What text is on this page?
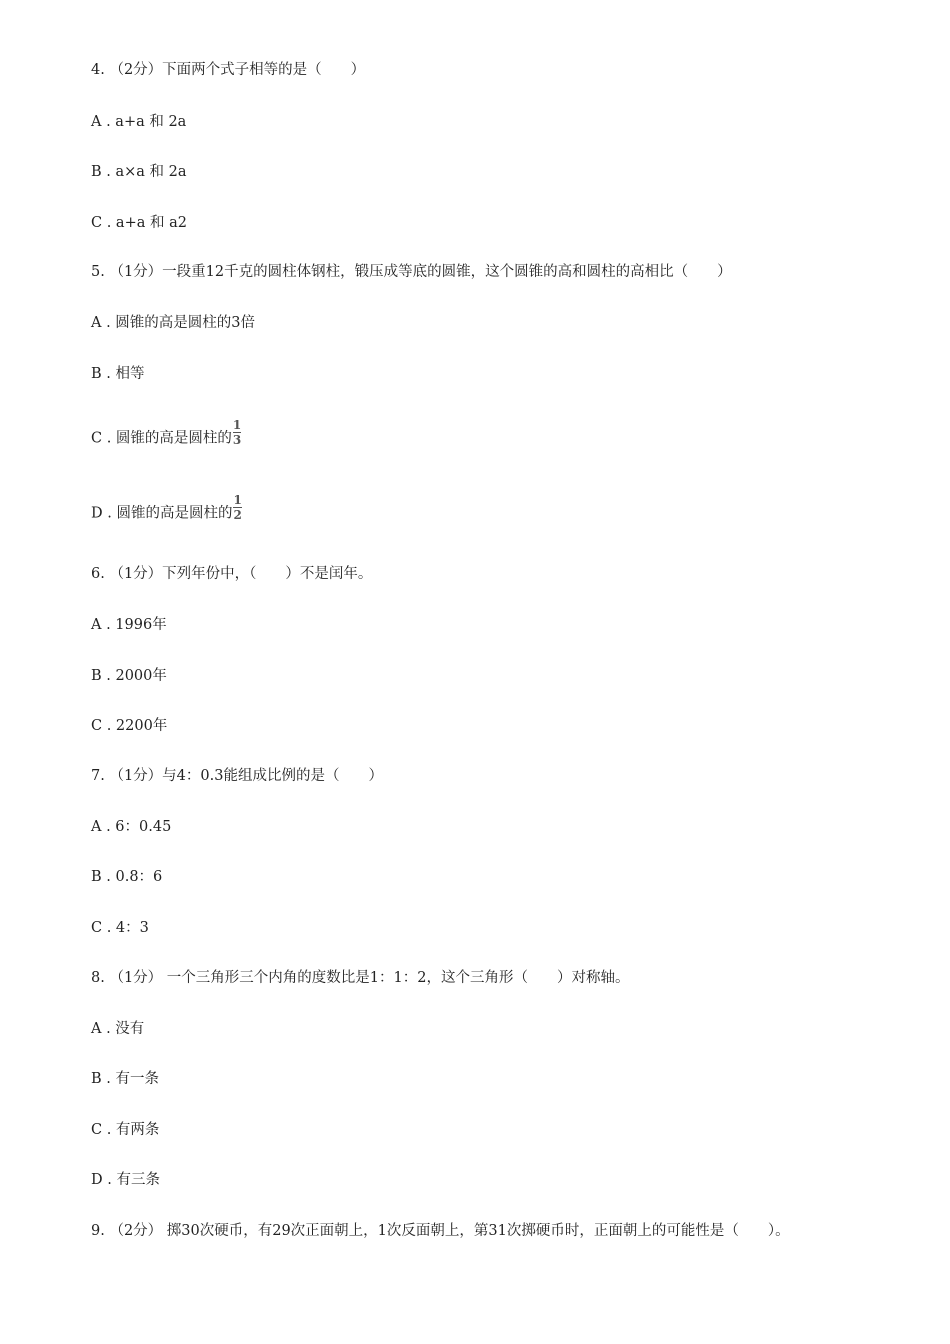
4. （2分）下面两个式子相等的是（　　）
A . a+a 和 2a
B . a×a 和 2a
C . a+a 和 a2
5. （1分）一段重12千克的圆柱体钢柱，锻压成等底的圆锥，这个圆锥的高和圆柱的高相比（　　）
A . 圆锥的高是圆柱的3倍
B . 相等
C . 圆锥的高是圆柱的 $\frac{1}{3}$
D . 圆锥的高是圆柱的 $\frac{1}{2}$
6. （1分）下列年份中，（　　）不是闰年。
A . 1996年
B . 2000年
C . 2200年
7. （1分）与4：0.3能组成比例的是（　　）
A . 6：0.45
B . 0.8：6
C . 4：3
8. （1分） 一个三角形三个内角的度数比是1：1：2，这个三角形（　　）对称轴。
A . 没有
B . 有一条
C . 有两条
D . 有三条
9. （2分） 掷30次硬币，有29次正面朝上，1次反面朝上，第31次掷硬币时，正面朝上的可能性是（　　）。
